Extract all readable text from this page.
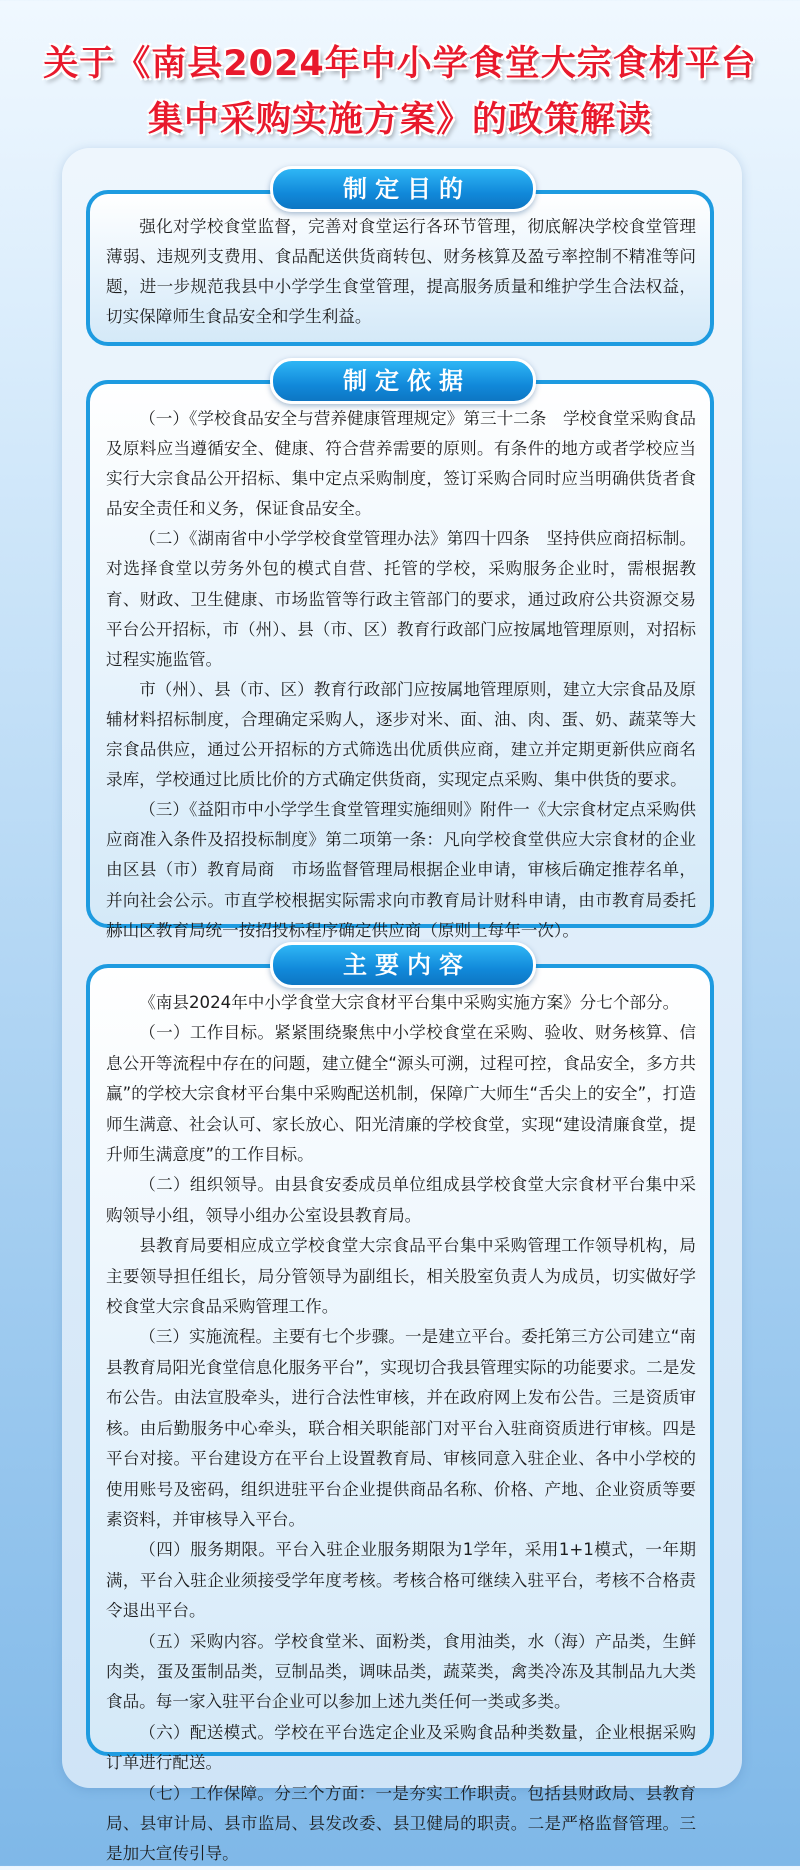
关于《南县2024年中小学食堂大宗食材平台
集中采购实施方案》的政策解读
制定目的

强化对学校食堂监督，完善对食堂运行各环节管理，彻底解决学校食堂管理薄弱、违规列支费用、食品配送供货商转包、财务核算及盈亏率控制不精准等问题，进一步规范我县中小学学生食堂管理，提高服务质量和维护学生合法权益，切实保障师生食品安全和学生利益。

制定依据

（一）《学校食品安全与营养健康管理规定》第三十二条　学校食堂采购食品及原料应当遵循安全、健康、符合营养需要的原则。有条件的地方或者学校应当实行大宗食品公开招标、集中定点采购制度，签订采购合同时应当明确供货者食品安全责任和义务，保证食品安全。

（二）《湖南省中小学学校食堂管理办法》第四十四条　坚持供应商招标制。对选择食堂以劳务外包的模式自营、托管的学校，采购服务企业时，需根据教育、财政、卫生健康、市场监管等行政主管部门的要求，通过政府公共资源交易平台公开招标，市（州）、县（市、区）教育行政部门应按属地管理原则，对招标过程实施监管。

市（州）、县（市、区）教育行政部门应按属地管理原则，建立大宗食品及原辅材料招标制度，合理确定采购人，逐步对米、面、油、肉、蛋、奶、蔬菜等大宗食品供应，通过公开招标的方式筛选出优质供应商，建立并定期更新供应商名录库，学校通过比质比价的方式确定供货商，实现定点采购、集中供货的要求。

（三）《益阳市中小学学生食堂管理实施细则》附件一《大宗食材定点采购供应商准入条件及招投标制度》第二项第一条：凡向学校食堂供应大宗食材的企业由区县（市）教育局商　市场监督管理局根据企业申请，审核后确定推荐名单，并向社会公示。市直学校根据实际需求向市教育局计财科申请，由市教育局委托赫山区教育局统一按招投标程序确定供应商（原则上每年一次）。

主要内容

《南县2024年中小学食堂大宗食材平台集中采购实施方案》分七个部分。

（一）工作目标。紧紧围绕聚焦中小学校食堂在采购、验收、财务核算、信息公开等流程中存在的问题，建立健全“源头可溯，过程可控，食品安全，多方共赢”的学校大宗食材平台集中采购配送机制，保障广大师生“舌尖上的安全”，打造师生满意、社会认可、家长放心、阳光清廉的学校食堂，实现“建设清廉食堂，提升师生满意度”的工作目标。

（二）组织领导。由县食安委成员单位组成县学校食堂大宗食材平台集中采购领导小组，领导小组办公室设县教育局。

县教育局要相应成立学校食堂大宗食品平台集中采购管理工作领导机构，局主要领导担任组长，局分管领导为副组长，相关股室负责人为成员，切实做好学校食堂大宗食品采购管理工作。

（三）实施流程。主要有七个步骤。一是建立平台。委托第三方公司建立“南县教育局阳光食堂信息化服务平台”，实现切合我县管理实际的功能要求。二是发布公告。由法宣股牵头，进行合法性审核，并在政府网上发布公告。三是资质审核。由后勤服务中心牵头，联合相关职能部门对平台入驻商资质进行审核。四是平台对接。平台建设方在平台上设置教育局、审核同意入驻企业、各中小学校的使用账号及密码，组织进驻平台企业提供商品名称、价格、产地、企业资质等要素资料，并审核导入平台。

（四）服务期限。平台入驻企业服务期限为1学年，采用1+1模式，一年期满，平台入驻企业须接受学年度考核。考核合格可继续入驻平台，考核不合格责令退出平台。

（五）采购内容。学校食堂米、面粉类，食用油类，水（海）产品类，生鲜肉类，蛋及蛋制品类，豆制品类，调味品类，蔬菜类，禽类冷冻及其制品九大类食品。每一家入驻平台企业可以参加上述九类任何一类或多类。

（六）配送模式。学校在平台选定企业及采购食品种类数量，企业根据采购订单进行配送。

（七）工作保障。分三个方面：一是夯实工作职责。包括县财政局、县教育局、县审计局、县市监局、县发改委、县卫健局的职责。二是严格监督管理。三是加大宣传引导。
